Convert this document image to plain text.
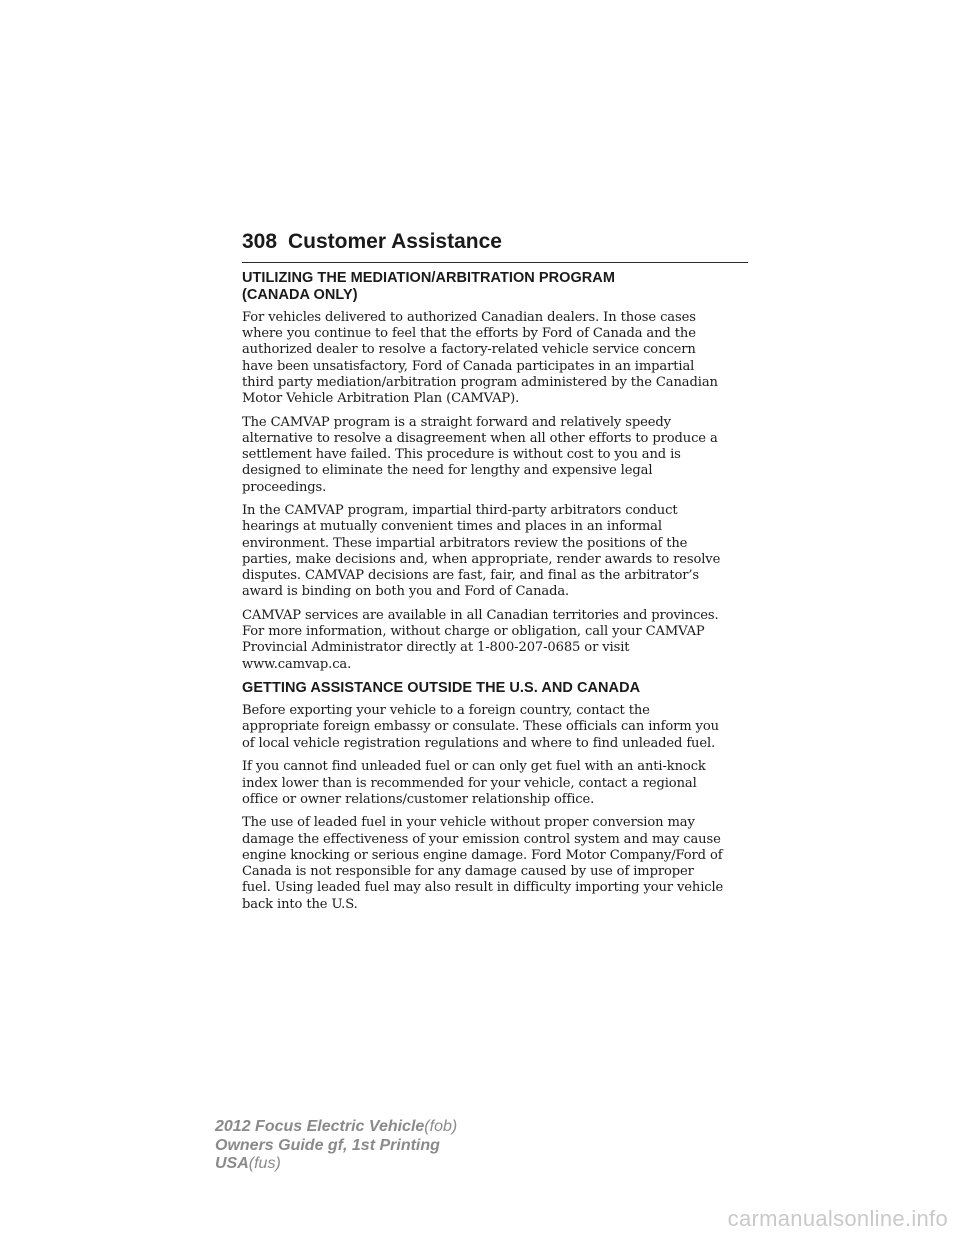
308 Customer Assistance
UTILIZING THE MEDIATION/ARBITRATION PROGRAM
(CANADA ONLY)

For vehicles delivered to authorized Canadian dealers. In those cases
where you continue to feel that the efforts by Ford of Canada and the
authorized dealer to resolve a factory-related vehicle service concern
have been unsatisfactory, Ford of Canada participates in an impartial
third party mediation/arbitration program administered by the Canadian
Motor Vehicle Arbitration Plan (CAMVAP).

The CAMVAP program is a straight forward and relatively speedy
alternative to resolve a disagreement when all other efforts to produce a
settlement have failed. This procedure is without cost to you and is
designed to eliminate the need for lengthy and expensive legal
proceedings.

In the CAMVAP program, impartial third-party arbitrators conduct
hearings at mutually convenient times and places in an informal
environment. These impartial arbitrators review the positions of the
parties, make decisions and, when appropriate, render awards to resolve
disputes. CAMVAP decisions are fast, fair, and final as the arbitrator’s
award is binding on both you and Ford of Canada.

CAMVAP services are available in all Canadian territories and provinces.
For more information, without charge or obligation, call your CAMVAP
Provincial Administrator directly at 1-800-207-0685 or visit
www.camvap.ca.

GETTING ASSISTANCE OUTSIDE THE U.S. AND CANADA

Before exporting your vehicle to a foreign country, contact the
appropriate foreign embassy or consulate. These officials can inform you
of local vehicle registration regulations and where to find unleaded fuel.

If you cannot find unleaded fuel or can only get fuel with an anti-knock
index lower than is recommended for your vehicle, contact a regional
office or owner relations/customer relationship office.

The use of leaded fuel in your vehicle without proper conversion may
damage the effectiveness of your emission control system and may cause
engine knocking or serious engine damage. Ford Motor Company/Ford of
Canada is not responsible for any damage caused by use of improper
fuel. Using leaded fuel may also result in difficulty importing your vehicle
back into the U.S.

2012 Focus Electric Vehicle(fob)
Owners Guide gf, 1st Printing
USA(fus)
carmanualsonline.info
